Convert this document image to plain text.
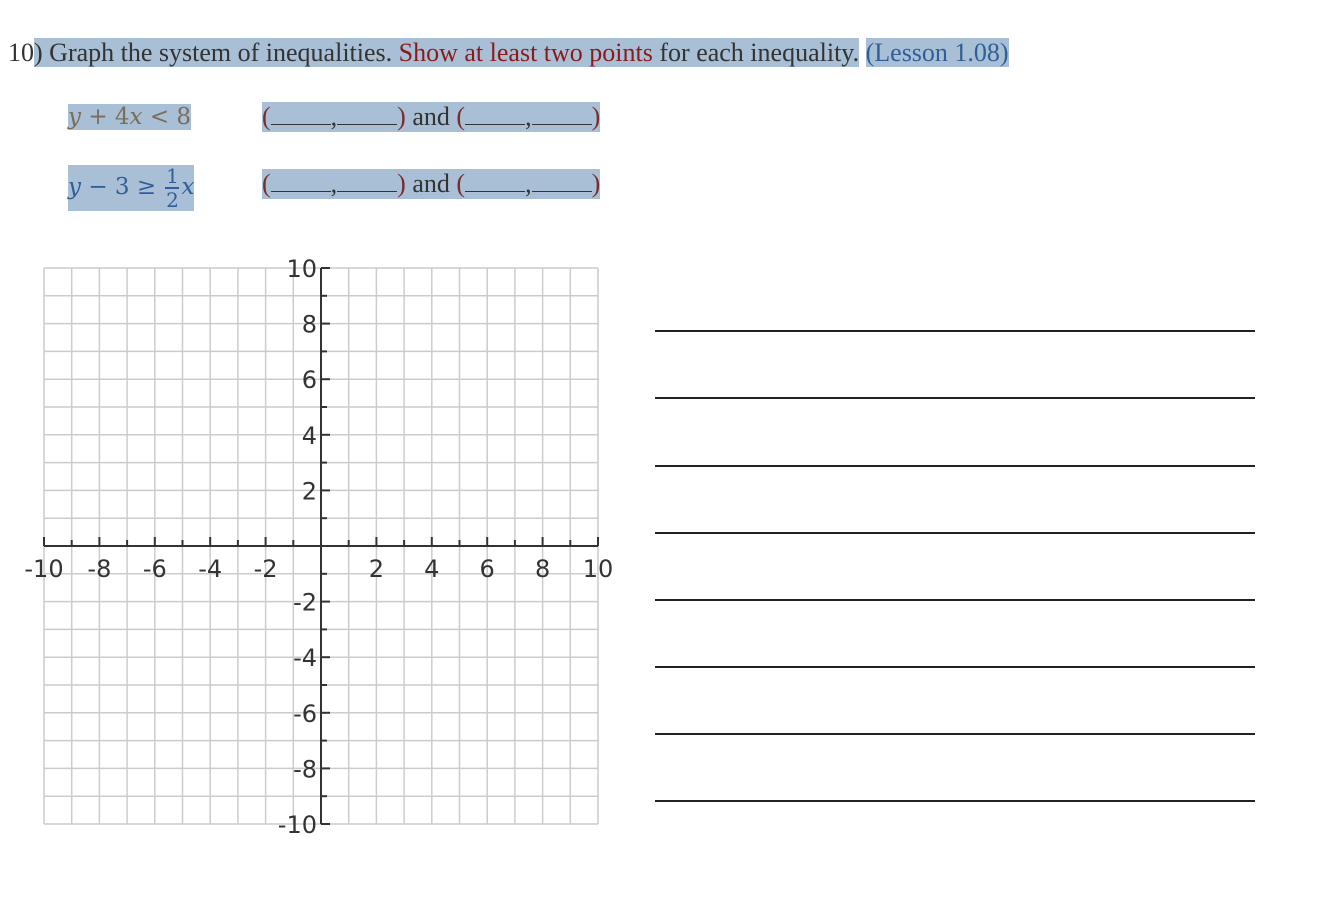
10) Graph the system of inequalities. Show at least two points for each inequality. (Lesson 1.08)
y + 4x < 8
$y - 3 \ge \frac{1}{2}$ x
( , ) and ( , )
( , ) and ( , )
-10 -8 -6 -4 -2	2 4 6 8 10
10
8
6
4
2
-2
-4
-6
-8
-10
